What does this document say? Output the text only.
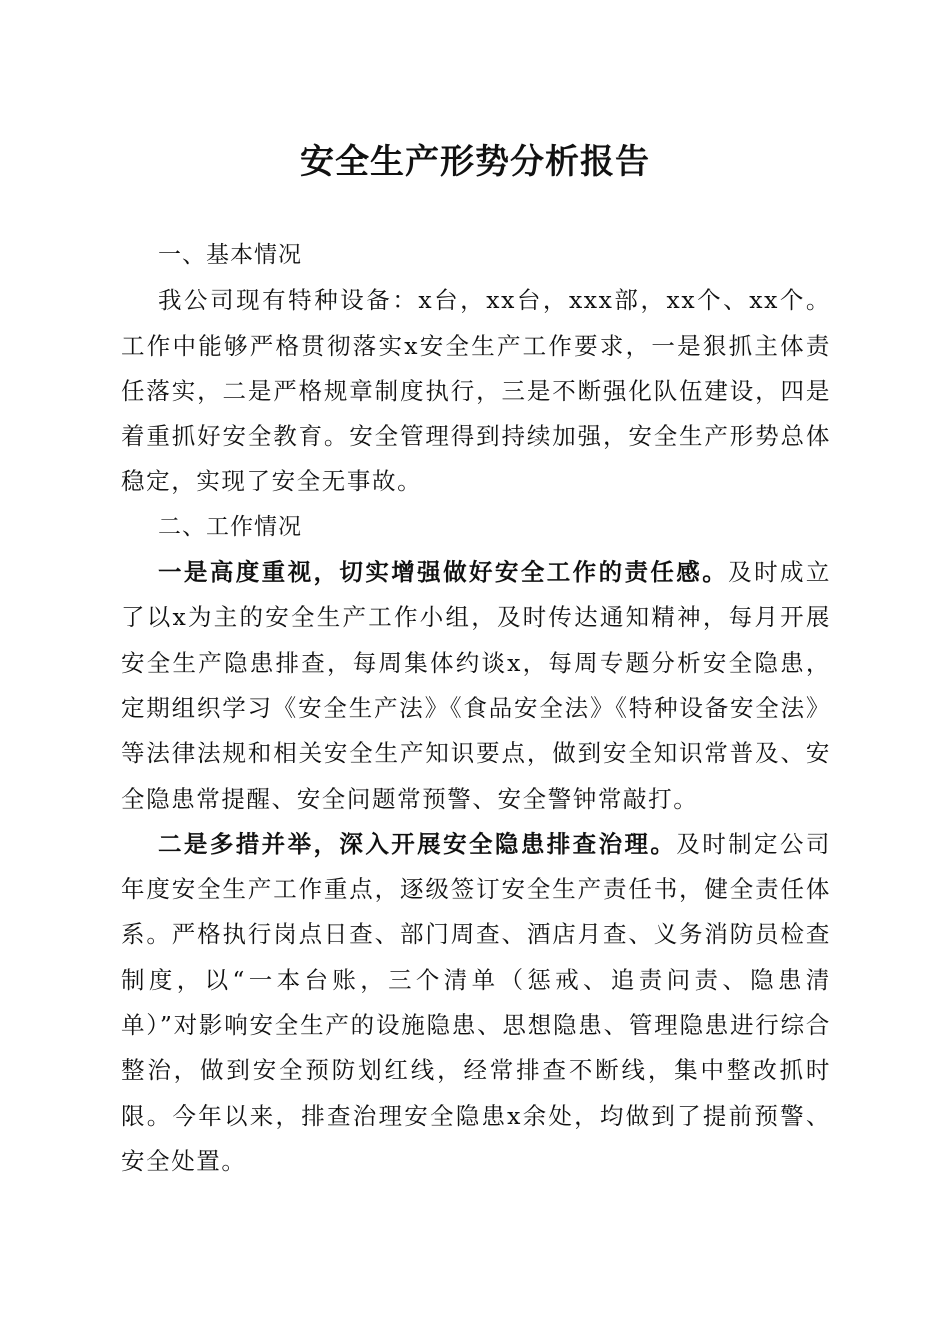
安全生产形势分析报告
一、基本情况

我公司现有特种设备：x台，xx台，xxx部，xx个、xx个。工作中能够严格贯彻落实x安全生产工作要求，一是狠抓主体责任落实，二是严格规章制度执行，三是不断强化队伍建设，四是着重抓好安全教育。安全管理得到持续加强，安全生产形势总体稳定，实现了安全无事故。

二、工作情况

一是高度重视，切实增强做好安全工作的责任感。及时成立了以x为主的安全生产工作小组，及时传达通知精神，每月开展安全生产隐患排查，每周集体约谈x，每周专题分析安全隐患，定期组织学习《安全生产法》《食品安全法》《特种设备安全法》等法律法规和相关安全生产知识要点，做到安全知识常普及、安全隐患常提醒、安全问题常预警、安全警钟常敲打。

二是多措并举，深入开展安全隐患排查治理。及时制定公司年度安全生产工作重点，逐级签订安全生产责任书，健全责任体系。严格执行岗点日查、部门周查、酒店月查、义务消防员检查制度，以“一本台账，三个清单（惩戒、追责问责、隐患清单）”对影响安全生产的设施隐患、思想隐患、管理隐患进行综合整治，做到安全预防划红线，经常排查不断线，集中整改抓时限。今年以来，排查治理安全隐患x余处，均做到了提前预警、安全处置。
